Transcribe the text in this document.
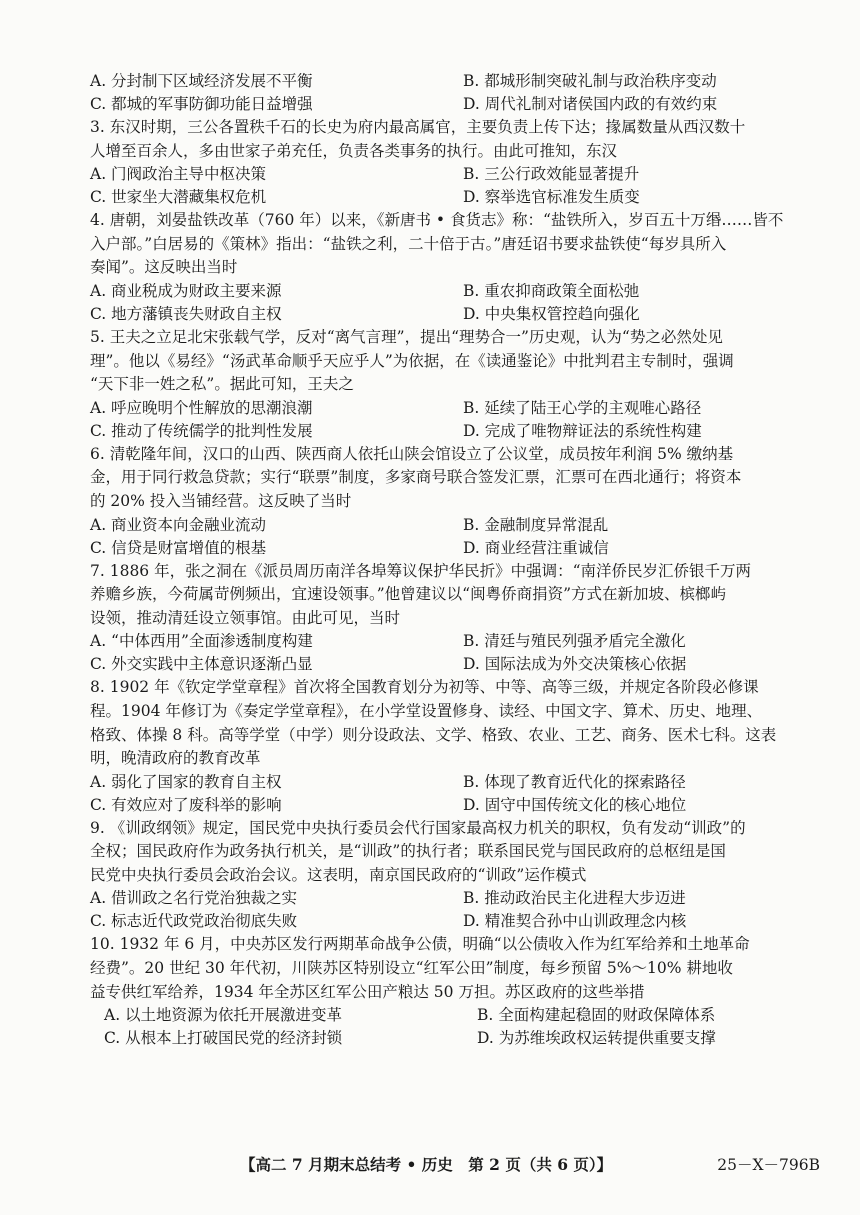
A. 分封制下区域经济发展不平衡	B. 都城形制突破礼制与政治秩序变动
C. 都城的军事防御功能日益增强	D. 周代礼制对诸侯国内政的有效约束
3. 东汉时期，三公各置秩千石的长史为府内最高属官，主要负责上传下达；掾属数量从西汉数十
人增至百余人，多由世家子弟充任，负责各类事务的执行。由此可推知，东汉
A. 门阀政治主导中枢决策	B. 三公行政效能显著提升
C. 世家坐大潜藏集权危机	D. 察举选官标准发生质变
4. 唐朝，刘晏盐铁改革（760 年）以来，《新唐书 • 食货志》称：“盐铁所入，岁百五十万缗……皆不
入户部。”白居易的《策林》指出：“盐铁之利，二十倍于古。”唐廷诏书要求盐铁使“每岁具所入
奏闻”。这反映出当时
A. 商业税成为财政主要来源	B. 重农抑商政策全面松弛
C. 地方藩镇丧失财政自主权	D. 中央集权管控趋向强化
5. 王夫之立足北宋张载气学，反对“离气言理”，提出“理势合一”历史观，认为“势之必然处见
理”。他以《易经》“汤武革命顺乎天应乎人”为依据，在《读通鉴论》中批判君主专制时，强调
“天下非一姓之私”。据此可知，王夫之
A. 呼应晚明个性解放的思潮浪潮	B. 延续了陆王心学的主观唯心路径
C. 推动了传统儒学的批判性发展	D. 完成了唯物辩证法的系统性构建
6. 清乾隆年间，汉口的山西、陕西商人依托山陕会馆设立了公议堂，成员按年利润 5% 缴纳基
金，用于同行救急贷款；实行“联票”制度，多家商号联合签发汇票，汇票可在西北通行；将资本
的 20% 投入当铺经营。这反映了当时
A. 商业资本向金融业流动	B. 金融制度异常混乱
C. 信贷是财富增值的根基	D. 商业经营注重诚信
7. 1886 年，张之洞在《派员周历南洋各埠筹议保护华民折》中强调：“南洋侨民岁汇侨银千万两
养赡乡族，今荷属苛例频出，宜速设领事。”他曾建议以“闽粤侨商捐资”方式在新加坡、槟榔屿
设领，推动清廷设立领事馆。由此可见，当时
A. “中体西用”全面渗透制度构建	B. 清廷与殖民列强矛盾完全激化
C. 外交实践中主体意识逐渐凸显	D. 国际法成为外交决策核心依据
8. 1902 年《钦定学堂章程》首次将全国教育划分为初等、中等、高等三级，并规定各阶段必修课
程。1904 年修订为《奏定学堂章程》，在小学堂设置修身、读经、中国文字、算术、历史、地理、
格致、体操 8 科。高等学堂（中学）则分设政法、文学、格致、农业、工艺、商务、医术七科。这表
明，晚清政府的教育改革
A. 弱化了国家的教育自主权	B. 体现了教育近代化的探索路径
C. 有效应对了废科举的影响	D. 固守中国传统文化的核心地位
9. 《训政纲领》规定，国民党中央执行委员会代行国家最高权力机关的职权，负有发动“训政”的
全权；国民政府作为政务执行机关，是“训政”的执行者；联系国民党与国民政府的总枢纽是国
民党中央执行委员会政治会议。这表明，南京国民政府的“训政”运作模式
A. 借训政之名行党治独裁之实	B. 推动政治民主化进程大步迈进
C. 标志近代政党政治彻底失败	D. 精准契合孙中山训政理念内核
10. 1932 年 6 月，中央苏区发行两期革命战争公债，明确“以公债收入作为红军给养和土地革命
经费”。20 世纪 30 年代初，川陕苏区特别设立“红军公田”制度，每乡预留 5%～10% 耕地收
益专供红军给养，1934 年全苏区红军公田产粮达 50 万担。苏区政府的这些举措
A. 以土地资源为依托开展激进变革	B. 全面构建起稳固的财政保障体系
C. 从根本上打破国民党的经济封锁	D. 为苏维埃政权运转提供重要支撑
【高二 7 月期末总结考 • 历史　第 2 页（共 6 页）】	25－X－796B
